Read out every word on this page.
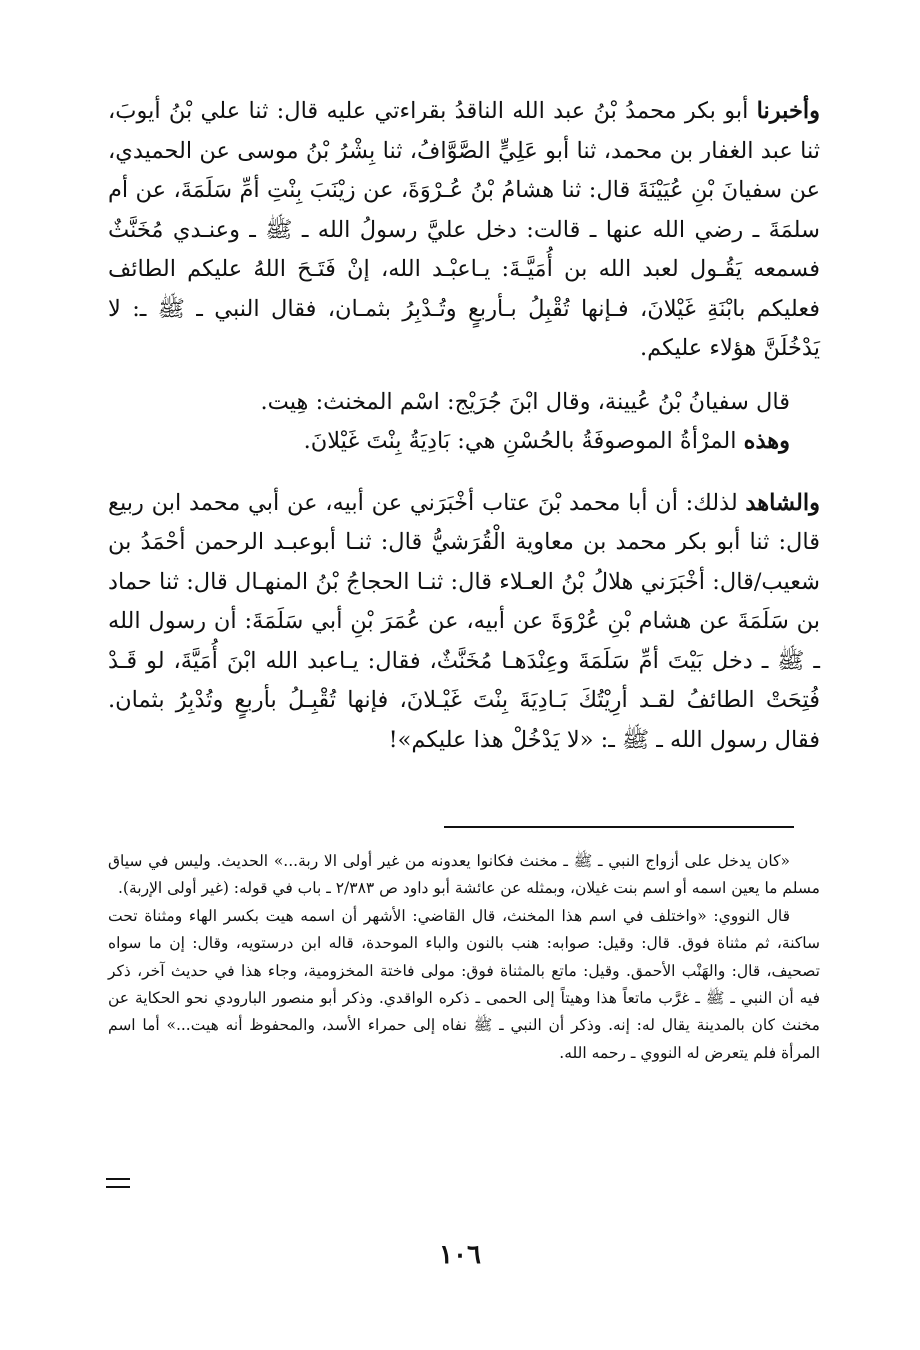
وأخبرنا أبو بكر محمدُ بْنُ عبد الله الناقدُ بقراءتي عليه قال: ثنا علي بْنُ أيوبَ، ثنا عبد الغفار بن محمد، ثنا أبو عَلِيٍّ الصَّوَّافُ، ثنا بِشْرُ بْنُ موسى عن الحميدي، عن سفيانَ بْنِ عُيَيْنَةَ قال: ثنا هشامُ بْنُ عُـرْوَةَ، عن زيْنَبَ بِنْتِ أمِّ سَلَمَةَ، عن أم سلمَةَ ـ رضي الله عنها ـ قالت: دخل عليَّ رسولُ الله ـ ﷺ ـ وعنـدي مُخَنَّثٌ فسمعه يَقُـول لعبد الله بن أُمَيَّـةَ: يـاعبْـد الله، إنْ فَتَـحَ اللهُ عليكم الطائف فعليكم بابْنَةِ غَيْلانَ، فـإنها تُقْبِلُ بـأربعٍ وتُـدْبِرُ بثمـان، فقال النبي ـ ﷺ ـ: لا يَدْخُلَنَّ هؤلاء عليكم.

قال سفيانُ بْنُ عُيينة، وقال ابْنَ جُرَيْج: اسْم المخنث: هِيت.

وهذه المرْأةُ الموصوفَةُ بالحُسْنِ هي: بَادِيَةُ بِنْتَ غَيْلانَ.

والشاهد لذلك: أن أبا محمد بْنَ عتاب أخْبَرَني عن أبيه، عن أبي محمد ابن ربيع قال: ثنا أبو بكر محمد بن معاوية الْقُرَشيُّ قال: ثنـا أبوعبـد الرحمن أحْمَدُ بن شعيب/قال: أخْبَرَني هلالُ بْنُ العـلاء قال: ثنـا الحجاجُ بْنُ المنهـال قال: ثنا حماد بن سَلَمَةَ عن هشام بْنِ عُرْوَةَ عن أبيه، عن عُمَرَ بْنِ أبي سَلَمَةَ: أن رسول الله ـ ﷺ ـ دخل بَيْتَ أمِّ سَلَمَةَ وعِنْدَهـا مُخَنَّثٌ، فقال: يـاعبد الله ابْنَ أُمَيَّةَ، لو قَـدْ فُتِحَتْ الطائفُ لقـد أرِيْتُكَ بَـادِيَةَ بِنْتَ غَيْـلانَ، فإنها تُقْبِـلُ بأربعٍ وتُدْبِرُ بثمان. فقال رسول الله ـ ﷺ ـ: «لا يَدْخُلْ هذا عليكم»!

«كان يدخل على أزواج النبي ـ ﷺ ـ مخنث فكانوا يعدونه من غير أولى الا ربة...» الحديث. وليس في سياق مسلم ما يعين اسمه أو اسم بنت غيلان، وبمثله عن عائشة أبو داود ص ٢/٣٨٣ ـ باب في قوله: (غير أولى الإربة).

قال النووي: «واختلف في اسم هذا المخنث، قال القاضي: الأشهر أن اسمه هيت بكسر الهاء ومثناة تحت ساكنة، ثم مثناة فوق. قال: وقيل: صوابه: هنب بالنون والباء الموحدة، قاله ابن درستويه، وقال: إن ما سواه تصحيف، قال: والهَنْب الأحمق. وقيل: ماتع بالمثناة فوق: مولى فاختة المخزومية، وجاء هذا في حديث آخر، ذكر فيه أن النبي ـ ﷺ ـ غرَّب ماتعاً هذا وهيتاً إلى الحمى ـ ذكره الواقدي. وذكر أبو منصور البارودي نحو الحكاية عن مخنث كان بالمدينة يقال له: إنه. وذكر أن النبي ـ ﷺ نفاه إلى حمراء الأسد، والمحفوظ أنه هيت...» أما اسم المرأة فلم يتعرض له النووي ـ رحمه الله.

١٠٦
